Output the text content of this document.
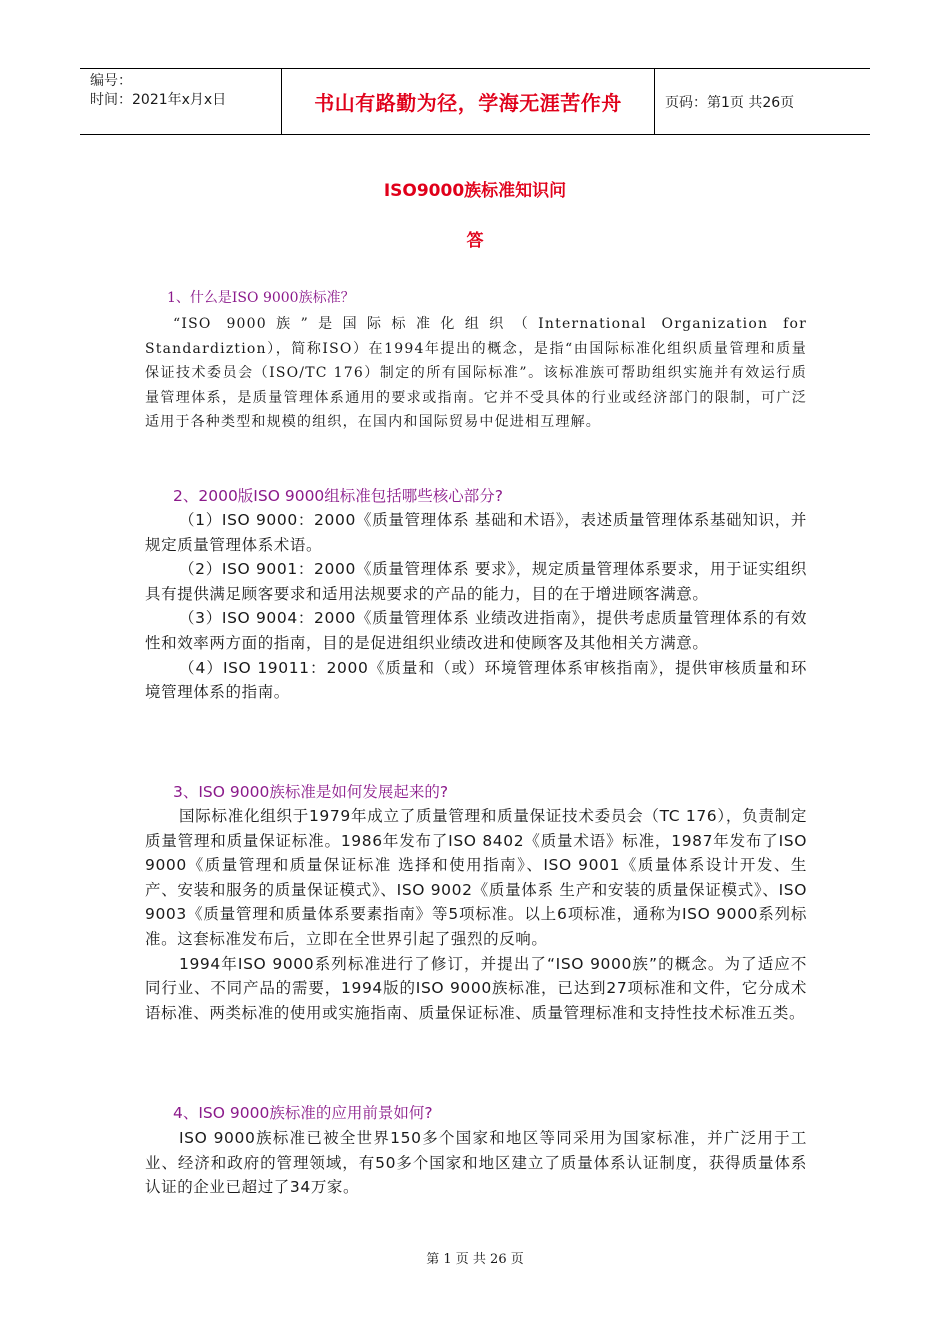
编号：
时间：2021年x月x日	书山有路勤为径，学海无涯苦作舟	页码：第1页 共26页
ISO9000族标准知识问
答
1、什么是ISO 9000族标准？

“ISO 9000族”是国际标准化组织（International Organization for Standardiztion），简称ISO）在1994年提出的概念，是指“由国际标准化组织质量管理和质量保证技术委员会（ISO/TC 176）制定的所有国际标准”。该标准族可帮助组织实施并有效运行质量管理体系，是质量管理体系通用的要求或指南。它并不受具体的行业或经济部门的限制，可广泛适用于各种类型和规模的组织，在国内和国际贸易中促进相互理解。

2、2000版ISO 9000组标准包括哪些核心部分?

（1）ISO 9000：2000《质量管理体系 基础和术语》，表述质量管理体系基础知识，并规定质量管理体系术语。

（2）ISO 9001：2000《质量管理体系 要求》，规定质量管理体系要求，用于证实组织具有提供满足顾客要求和适用法规要求的产品的能力，目的在于增进顾客满意。

（3）ISO 9004：2000《质量管理体系 业绩改进指南》，提供考虑质量管理体系的有效性和效率两方面的指南，目的是促进组织业绩改进和使顾客及其他相关方满意。

（4）ISO 19011：2000《质量和（或）环境管理体系审核指南》，提供审核质量和环境管理体系的指南。

3、ISO 9000族标准是如何发展起来的?

国际标准化组织于1979年成立了质量管理和质量保证技术委员会（TC 176），负责制定质量管理和质量保证标准。1986年发布了ISO 8402《质量术语》标准，1987年发布了ISO 9000《质量管理和质量保证标准 选择和使用指南》、ISO 9001《质量体系设计开发、生产、安装和服务的质量保证模式》、ISO 9002《质量体系 生产和安装的质量保证模式》、ISO 9003《质量管理和质量体系要素指南》等5项标准。以上6项标准，通称为ISO 9000系列标准。这套标准发布后，立即在全世界引起了强烈的反响。

1994年ISO 9000系列标准进行了修订，并提出了“ISO 9000族”的概念。为了适应不同行业、不同产品的需要，1994版的ISO 9000族标准，已达到27项标准和文件，它分成术语标准、两类标准的使用或实施指南、质量保证标准、质量管理标准和支持性技术标准五类。

4、ISO 9000族标准的应用前景如何?

ISO 9000族标准已被全世界150多个国家和地区等同采用为国家标准，并广泛用于工业、经济和政府的管理领域，有50多个国家和地区建立了质量体系认证制度，获得质量体系认证的企业已超过了34万家。

第 1 页 共 26 页
